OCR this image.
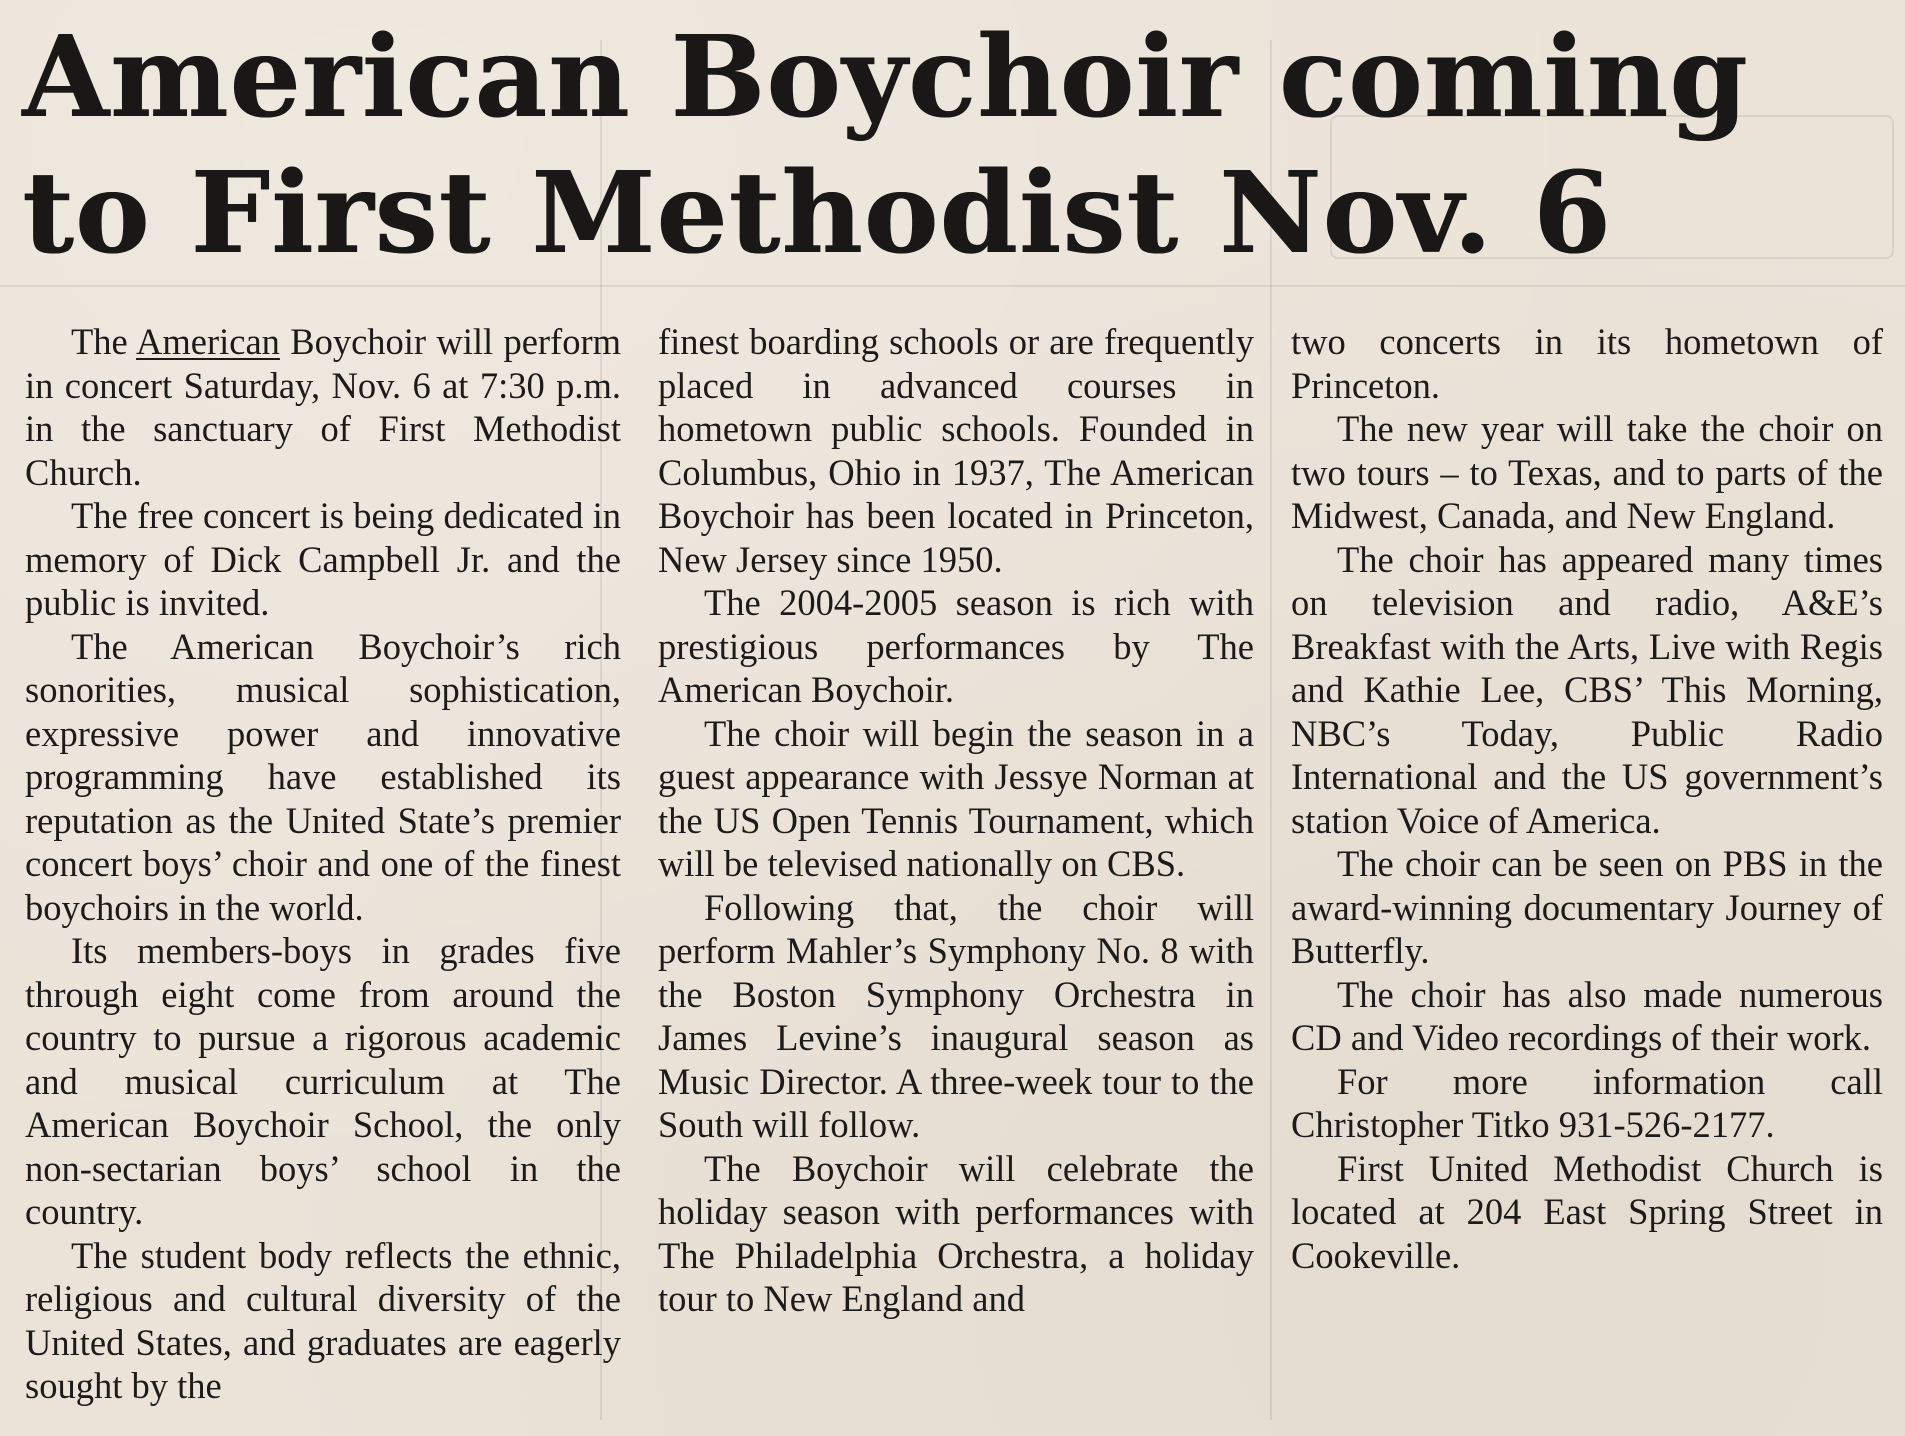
American Boychoir coming
to First Methodist Nov. 6

The American Boychoir will perform in concert Saturday, Nov. 6 at 7:30 p.m. in the sanctuary of First Methodist Church.

The free concert is being dedicated in memory of Dick Campbell Jr. and the public is invited.

The American Boychoir’s rich sonorities, musical sophistication, expressive power and innovative programming have established its reputation as the United State’s premier concert boys’ choir and one of the finest boychoirs in the world.

Its members-boys in grades five through eight come from around the country to pursue a rigorous academic and musical curriculum at The American Boychoir School, the only non-sectarian boys’ school in the country.

The student body reflects the ethnic, religious and cultural diversity of the United States, and graduates are eagerly sought by the

finest boarding schools or are frequently placed in advanced courses in hometown public schools. Founded in Columbus, Ohio in 1937, The American Boychoir has been located in Princeton, New Jersey since 1950.

The 2004-2005 season is rich with prestigious performances by The American Boychoir.

The choir will begin the season in a guest appearance with Jessye Norman at the US Open Tennis Tournament, which will be televised nationally on CBS.

Following that, the choir will perform Mahler’s Symphony No. 8 with the Boston Symphony Orchestra in James Levine’s inaugural season as Music Director. A three-week tour to the South will follow.

The Boychoir will celebrate the holiday season with performances with The Philadelphia Orchestra, a holiday tour to New England and

two concerts in its hometown of Princeton.

The new year will take the choir on two tours – to Texas, and to parts of the Midwest, Canada, and New England.

The choir has appeared many times on television and radio, A&E’s Breakfast with the Arts, Live with Regis and Kathie Lee, CBS’ This Morning, NBC’s Today, Public Radio International and the US government’s station Voice of America.

The choir can be seen on PBS in the award-winning documentary Journey of Butterfly.

The choir has also made numerous CD and Video recordings of their work.

For more information call Christopher Titko 931-526-2177.

First United Methodist Church is located at 204 East Spring Street in Cookeville.
